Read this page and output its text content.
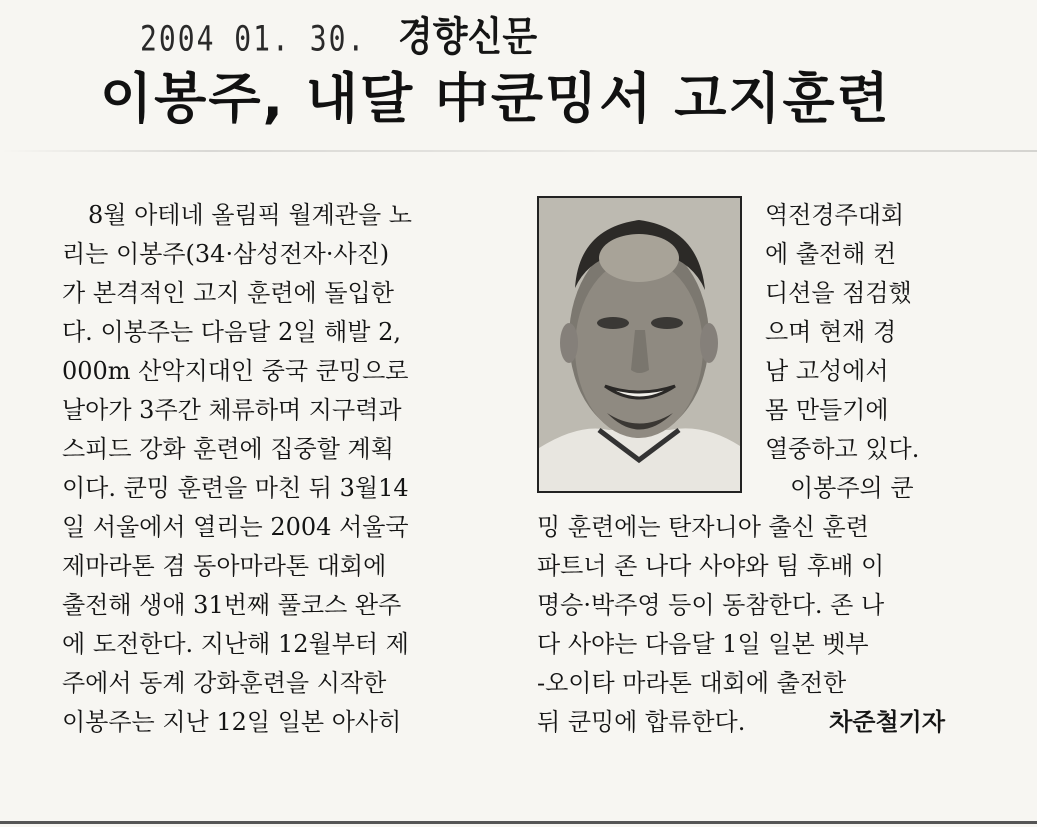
2004 01. 30. 경향신문
이봉주, 내달 中쿤밍서 고지훈련
8월 아테네 올림픽 월계관을 노
리는 이봉주(34·삼성전자·사진)
가 본격적인 고지 훈련에 돌입한
다. 이봉주는 다음달 2일 해발 2,
000m 산악지대인 중국 쿤밍으로
날아가 3주간 체류하며 지구력과
스피드 강화 훈련에 집중할 계획
이다. 쿤밍 훈련을 마친 뒤 3월14
일 서울에서 열리는 2004 서울국
제마라톤 겸 동아마라톤 대회에
출전해 생애 31번째 풀코스 완주
에 도전한다. 지난해 12월부터 제
주에서 동계 강화훈련을 시작한
이봉주는 지난 12일 일본 아사히
역전경주대회
에 출전해 컨
디션을 점검했
으며 현재 경
남 고성에서
몸 만들기에
열중하고 있다.
이봉주의 쿤
밍 훈련에는 탄자니아 출신 훈련
파트너 존 나다 사야와 팀 후배 이
명승·박주영 등이 동참한다. 존 나
다 사야는 다음달 1일 일본 벳부
-오이타 마라톤 대회에 출전한
뒤 쿤밍에 합류한다.	차준철기자
